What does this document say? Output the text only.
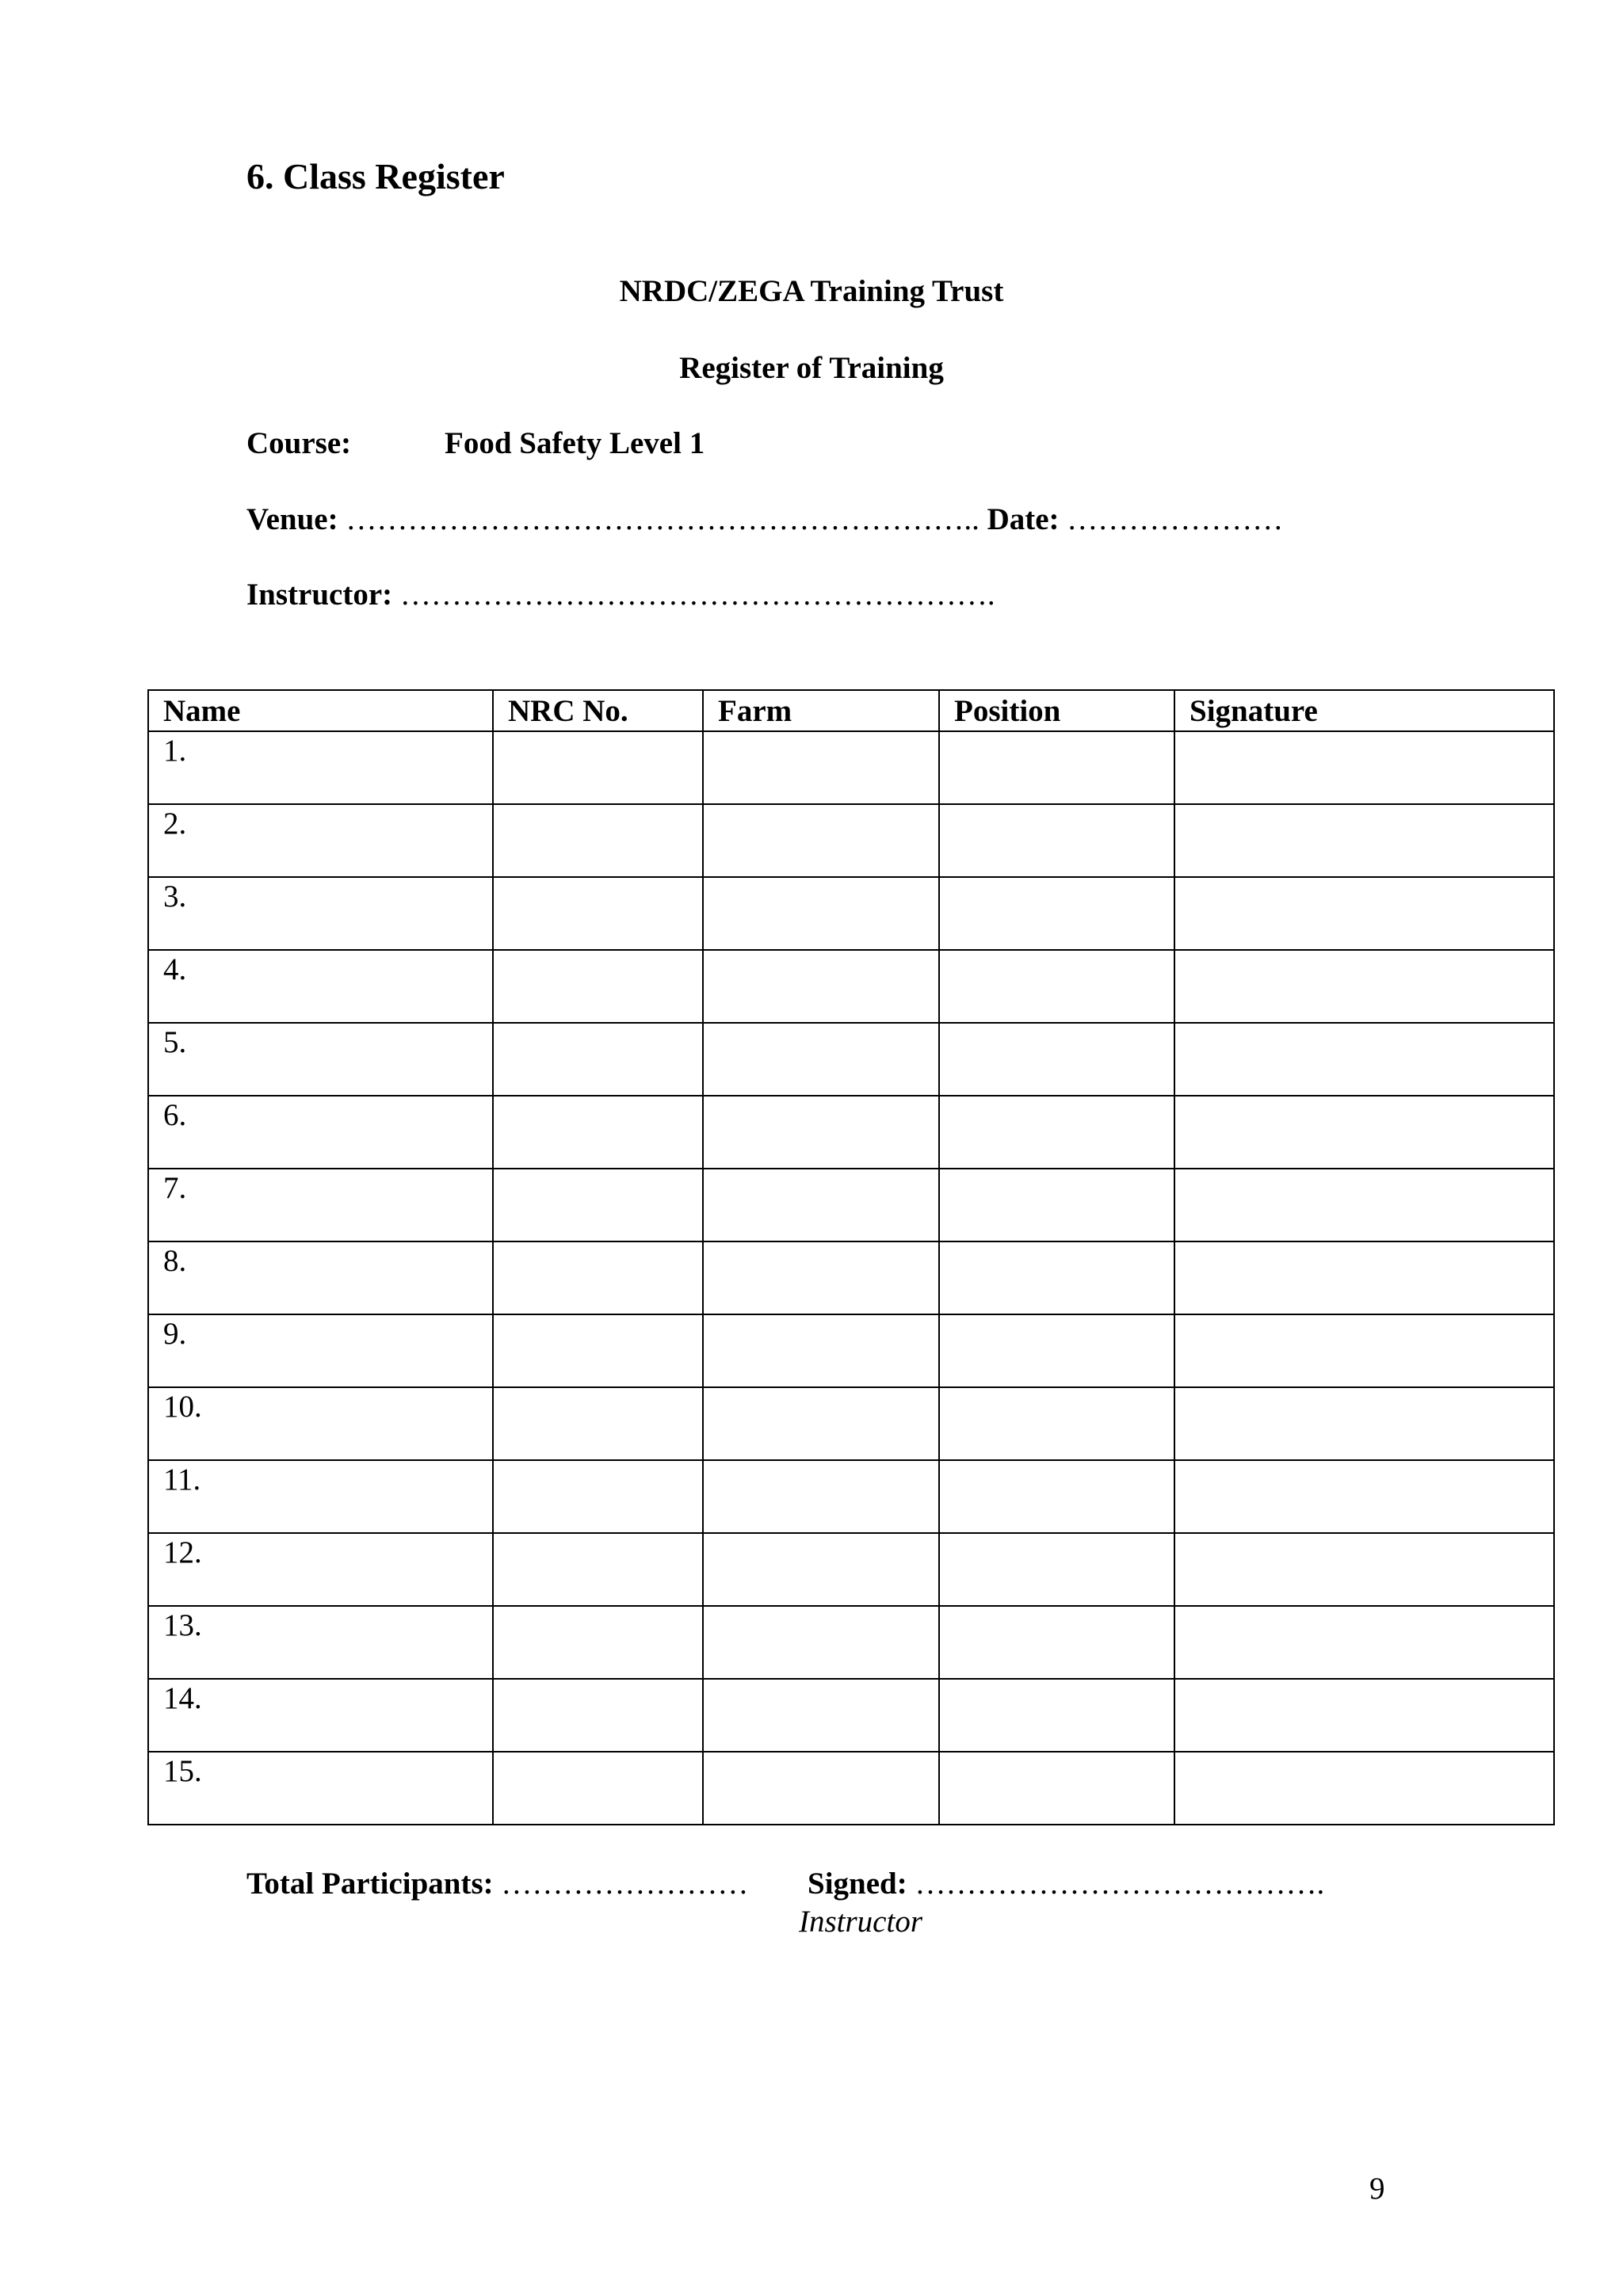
6. Class Register
NRDC/ZEGA Training Trust
Register of Training
Course:	Food Safety Level 1
Venue: …………………………………………………….. Date: …………………
Instructor: ………………………………………………….
Name	NRC No.	Farm	Position	Signature
1.				
2.				
3.				
4.				
5.				
6.				
7.				
8.				
9.				
10.				
11.				
12.				
13.				
14.				
15.				
Total Participants: …………………… Signed: ………………………………….
Instructor
9
